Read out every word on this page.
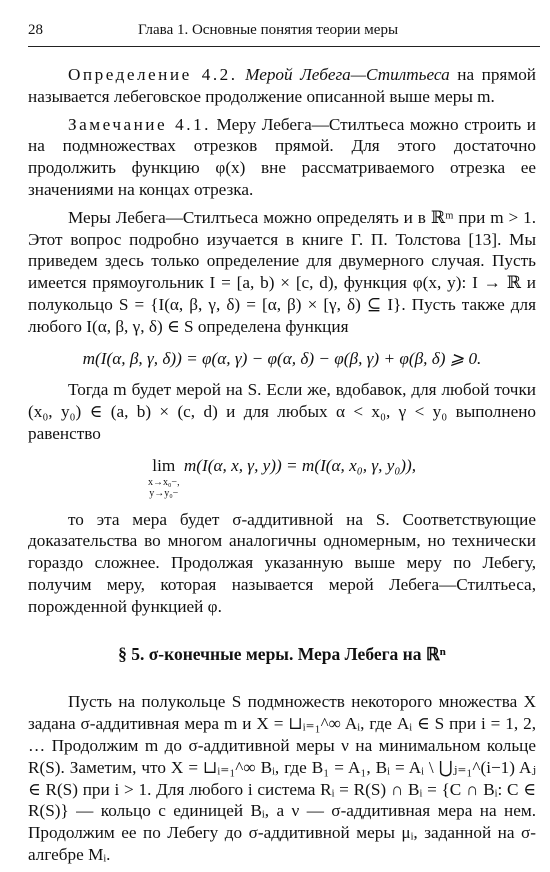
28	Глава 1. Основные понятия теории меры

Определение 4.2. Мерой Лебега—Стилтьеса на прямой называется лебеговское продолжение описанной выше меры m.

Замечание 4.1. Меру Лебега—Стилтьеса можно строить и на подмножествах отрезков прямой. Для этого достаточно продолжить функцию φ(x) вне рассматриваемого отрезка ее значениями на концах отрезка.

Меры Лебега—Стилтьеса можно определять и в ℝᵐ при m > 1. Этот вопрос подробно изучается в книге Г. П. Толстова [13]. Мы приведем здесь только определение для двумерного случая. Пусть имеется прямоугольник I = [a, b) × [c, d), функция φ(x, y): I → ℝ и полукольцо S = {I(α, β, γ, δ) = [α, β) × [γ, δ) ⊆ I}. Пусть также для любого I(α, β, γ, δ) ∈ S определена функция

m(I(α, β, γ, δ)) = φ(α, γ) − φ(α, δ) − φ(β, γ) + φ(β, δ) ⩾ 0.

Тогда m будет мерой на S. Если же, вдобавок, для любой точки (x₀, y₀) ∈ (a, b) × (c, d) и для любых α < x₀, γ < y₀ выполнено равенство

lim
x→x₀−,
y→y₀−
m(I(α, x, γ, y)) = m(I(α, x₀, γ, y₀)),

то эта мера будет σ-аддитивной на S. Соответствующие доказательства во многом аналогичны одномерным, но технически гораздо сложнее. Продолжая указанную выше меру по Лебегу, получим меру, которая называется мерой Лебега—Стилтьеса, порожденной функцией φ.

§ 5. σ-конечные меры. Мера Лебега на ℝⁿ

Пусть на полукольце S подмножеств некоторого множества X задана σ-аддитивная мера m и X = ⊔ᵢ₌₁^∞ Aᵢ, где Aᵢ ∈ S при i = 1, 2, … Продолжим m до σ-аддитивной меры ν на минимальном кольце R(S). Заметим, что X = ⊔ᵢ₌₁^∞ Bᵢ, где B₁ = A₁, Bᵢ = Aᵢ \ ⋃ⱼ₌₁^(i−1) Aⱼ ∈ R(S) при i > 1. Для любого i система Rᵢ = R(S) ∩ Bᵢ = {C ∩ Bᵢ: C ∈ R(S)} — кольцо с единицей Bᵢ, а ν — σ-аддитивная мера на нем. Продолжим ее по Лебегу до σ-аддитивной меры μᵢ, заданной на σ-алгебре Mᵢ.
